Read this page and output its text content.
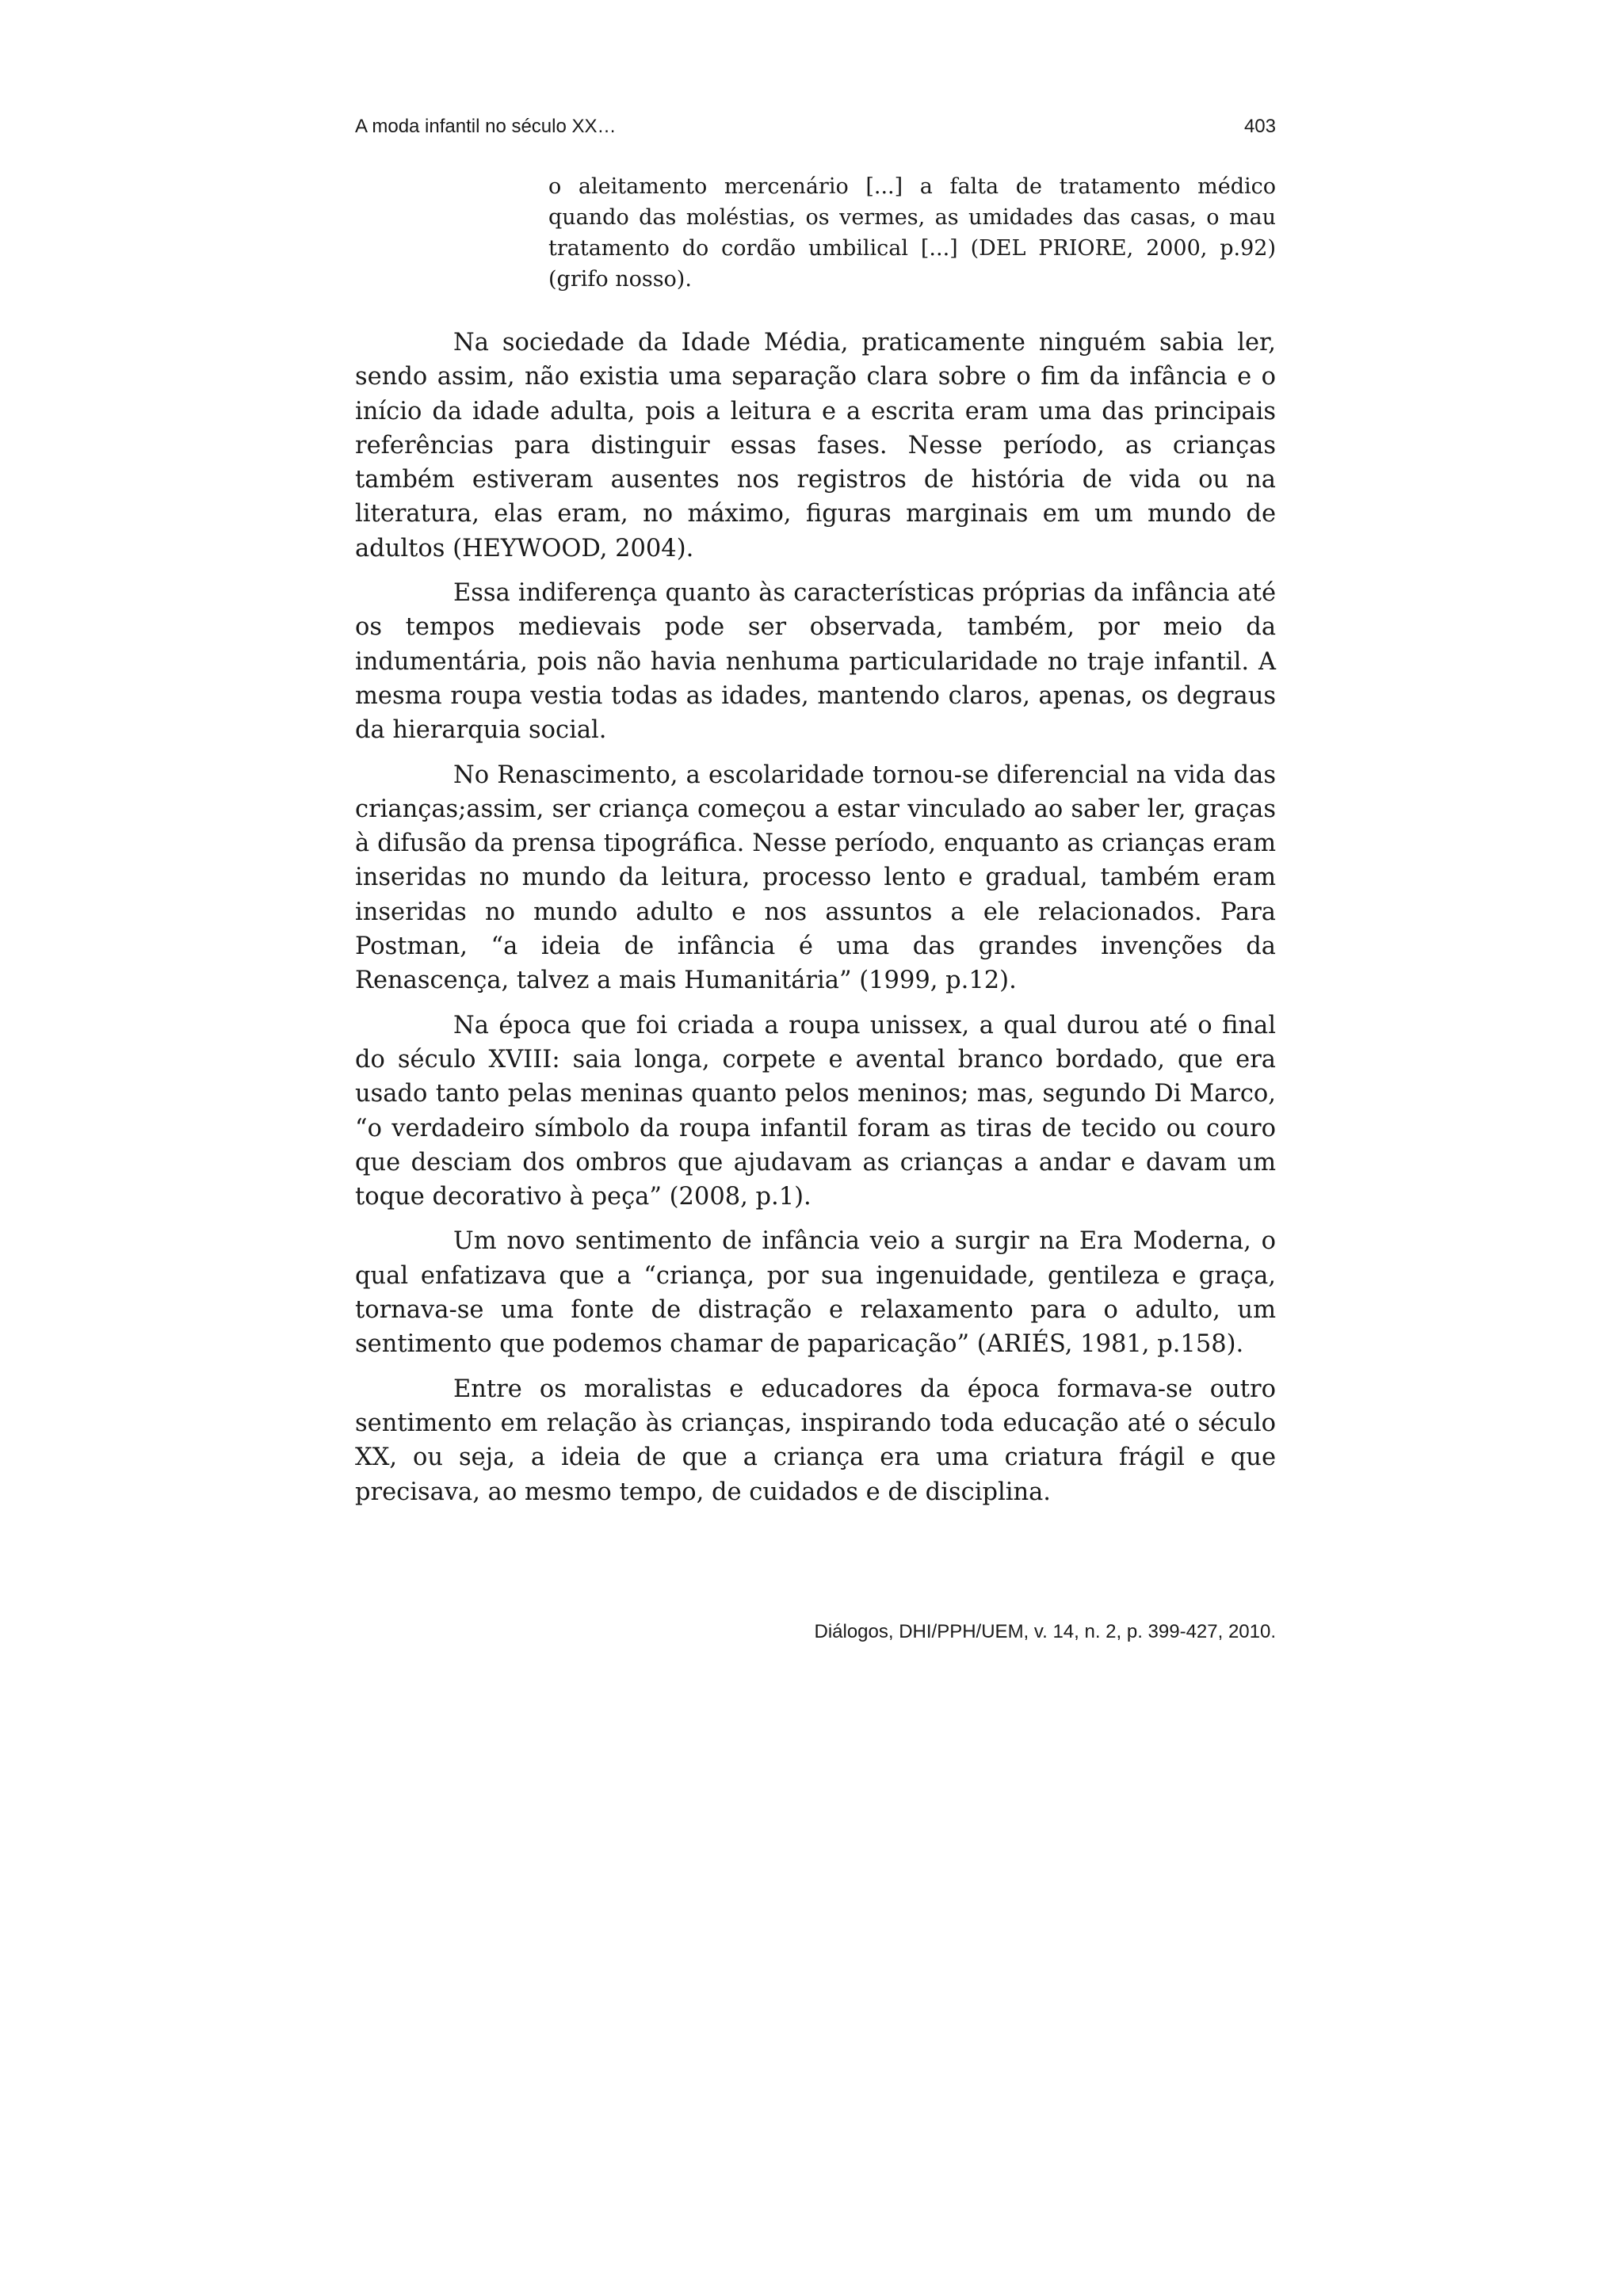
A moda infantil no século XX…	403
o aleitamento mercenário [...] a falta de tratamento médico quando das moléstias, os vermes, as umidades das casas, o mau tratamento do cordão umbilical [...] (DEL PRIORE, 2000, p.92) (grifo nosso).

Na sociedade da Idade Média, praticamente ninguém sabia ler, sendo assim, não existia uma separação clara sobre o fim da infância e o início da idade adulta, pois a leitura e a escrita eram uma das principais referências para distinguir essas fases. Nesse período, as crianças também estiveram ausentes nos registros de história de vida ou na literatura, elas eram, no máximo, figuras marginais em um mundo de adultos (HEYWOOD, 2004).

Essa indiferença quanto às características próprias da infância até os tempos medievais pode ser observada, também, por meio da indumentária, pois não havia nenhuma particularidade no traje infantil. A mesma roupa vestia todas as idades, mantendo claros, apenas, os degraus da hierarquia social.

No Renascimento, a escolaridade tornou-se diferencial na vida das crianças;assim, ser criança começou a estar vinculado ao saber ler, graças à difusão da prensa tipográfica. Nesse período, enquanto as crianças eram inseridas no mundo da leitura, processo lento e gradual, também eram inseridas no mundo adulto e nos assuntos a ele relacionados. Para Postman, “a ideia de infância é uma das grandes invenções da Renascença, talvez a mais Humanitária” (1999, p.12).

Na época que foi criada a roupa unissex, a qual durou até o final do século XVIII: saia longa, corpete e avental branco bordado, que era usado tanto pelas meninas quanto pelos meninos; mas, segundo Di Marco, “o verdadeiro símbolo da roupa infantil foram as tiras de tecido ou couro que desciam dos ombros que ajudavam as crianças a andar e davam um toque decorativo à peça” (2008, p.1).

Um novo sentimento de infância veio a surgir na Era Moderna, o qual enfatizava que a “criança, por sua ingenuidade, gentileza e graça, tornava-se uma fonte de distração e relaxamento para o adulto, um sentimento que podemos chamar de paparicação” (ARIÉS, 1981, p.158).

Entre os moralistas e educadores da época formava-se outro sentimento em relação às crianças, inspirando toda educação até o século XX, ou seja, a ideia de que a criança era uma criatura frágil e que precisava, ao mesmo tempo, de cuidados e de disciplina.

Diálogos, DHI/PPH/UEM, v. 14, n. 2, p. 399-427, 2010.
